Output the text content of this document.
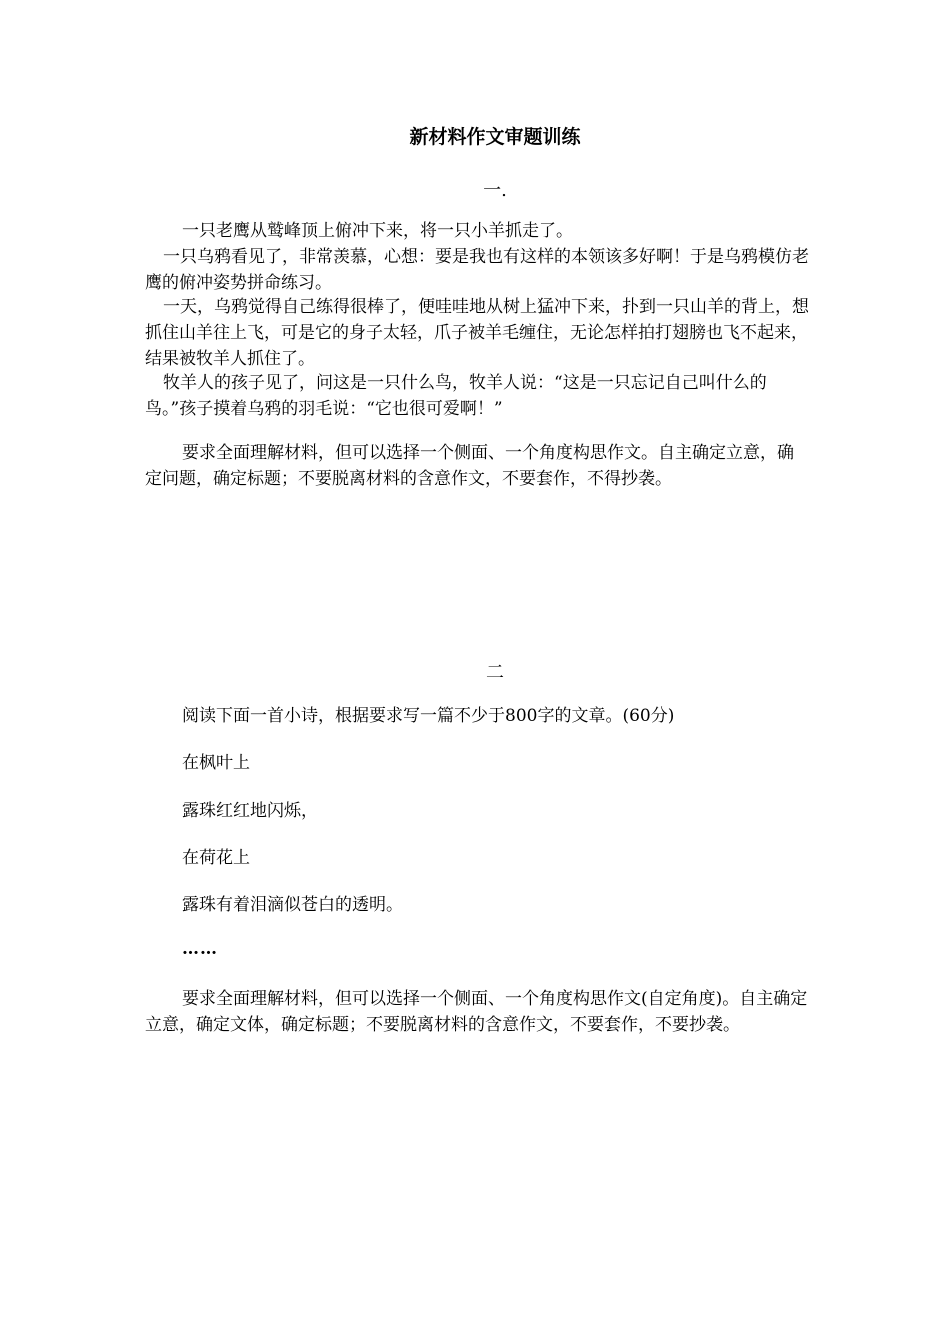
新材料作文审题训练
一.

一只老鹰从鹫峰顶上俯冲下来，将一只小羊抓走了。

一只乌鸦看见了，非常羡慕，心想：要是我也有这样的本领该多好啊！于是乌鸦模仿老鹰的俯冲姿势拼命练习。

一天，乌鸦觉得自己练得很棒了，便哇哇地从树上猛冲下来，扑到一只山羊的背上，想抓住山羊往上飞，可是它的身子太轻，爪子被羊毛缠住，无论怎样拍打翅膀也飞不起来，结果被牧羊人抓住了。

牧羊人的孩子见了，问这是一只什么鸟，牧羊人说：“这是一只忘记自己叫什么的鸟。”孩子摸着乌鸦的羽毛说：“它也很可爱啊！”

要求全面理解材料，但可以选择一个侧面、一个角度构思作文。自主确定立意，确定问题，确定标题；不要脱离材料的含意作文，不要套作，不得抄袭。

二

阅读下面一首小诗，根据要求写一篇不少于800字的文章。(60分)

在枫叶上

露珠红红地闪烁，

在荷花上

露珠有着泪滴似苍白的透明。

……

要求全面理解材料，但可以选择一个侧面、一个角度构思作文(自定角度)。自主确定立意，确定文体，确定标题；不要脱离材料的含意作文，不要套作，不要抄袭。
